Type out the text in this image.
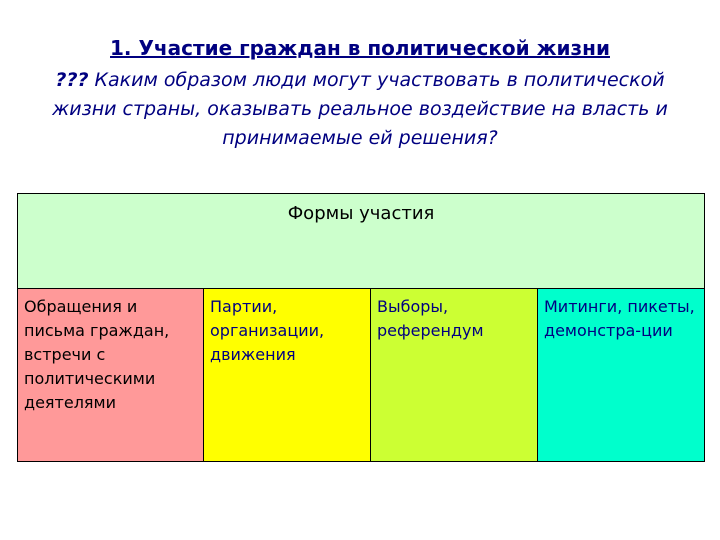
1. Участие граждан в политической жизни

??? Каким образом люди могут участвовать в политической жизни страны, оказывать реальное воздействие на власть и принимаемые ей решения?

Формы участия
Обращения и письма граждан, встречи с политическими деятелями	Партии, организации, движения	Выборы, референдум	Митинги, пикеты, демонстра-ции
